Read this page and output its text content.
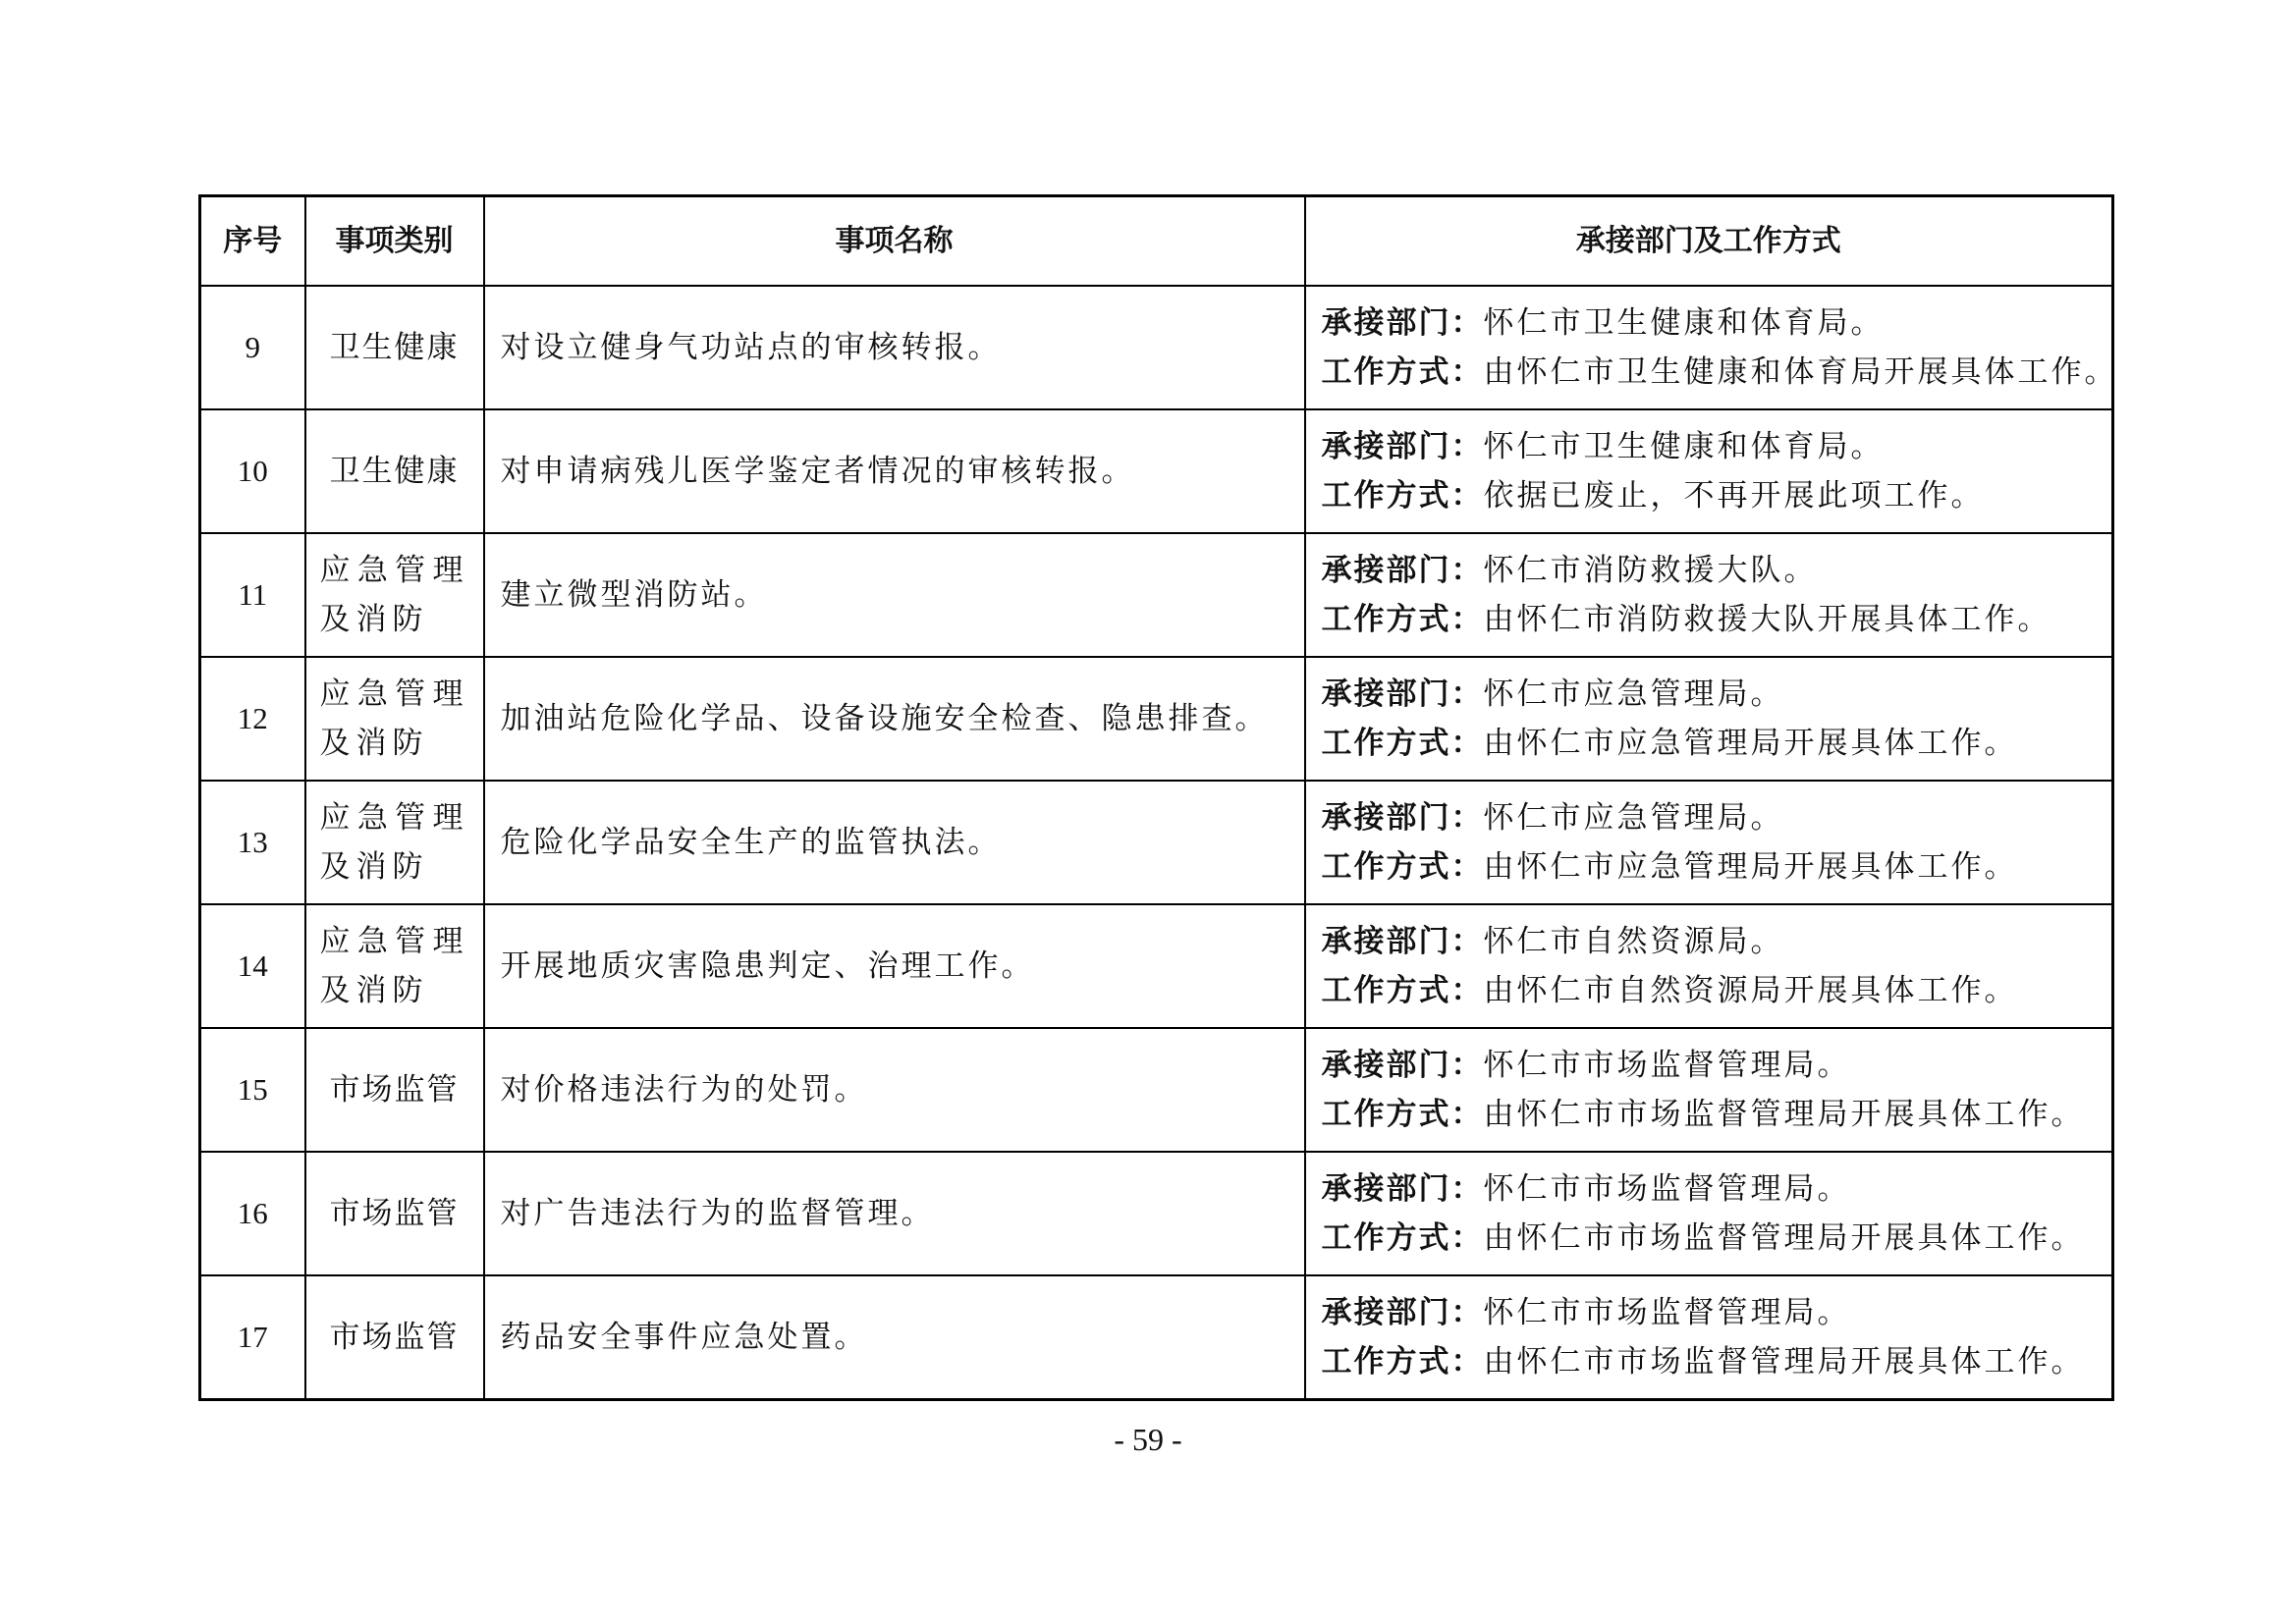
序号	事项类别	事项名称	承接部门及工作方式
9	卫生健康	对设立健身气功站点的审核转报。	承接部门：怀仁市卫生健康和体育局。
工作方式：由怀仁市卫生健康和体育局开展具体工作。

10	卫生健康	对申请病残儿医学鉴定者情况的审核转报。	承接部门：怀仁市卫生健康和体育局。
工作方式：依据已废止，不再开展此项工作。

11	应急管理及消防	建立微型消防站。	承接部门：怀仁市消防救援大队。
工作方式：由怀仁市消防救援大队开展具体工作。

12	应急管理及消防	加油站危险化学品、设备设施安全检查、隐患排查。	承接部门：怀仁市应急管理局。
工作方式：由怀仁市应急管理局开展具体工作。

13	应急管理及消防	危险化学品安全生产的监管执法。	承接部门：怀仁市应急管理局。
工作方式：由怀仁市应急管理局开展具体工作。

14	应急管理及消防	开展地质灾害隐患判定、治理工作。	承接部门：怀仁市自然资源局。
工作方式：由怀仁市自然资源局开展具体工作。

15	市场监管	对价格违法行为的处罚。	承接部门：怀仁市市场监督管理局。
工作方式：由怀仁市市场监督管理局开展具体工作。

16	市场监管	对广告违法行为的监督管理。	承接部门：怀仁市市场监督管理局。
工作方式：由怀仁市市场监督管理局开展具体工作。

17	市场监管	药品安全事件应急处置。	承接部门：怀仁市市场监督管理局。
工作方式：由怀仁市市场监督管理局开展具体工作。
- 59 -
